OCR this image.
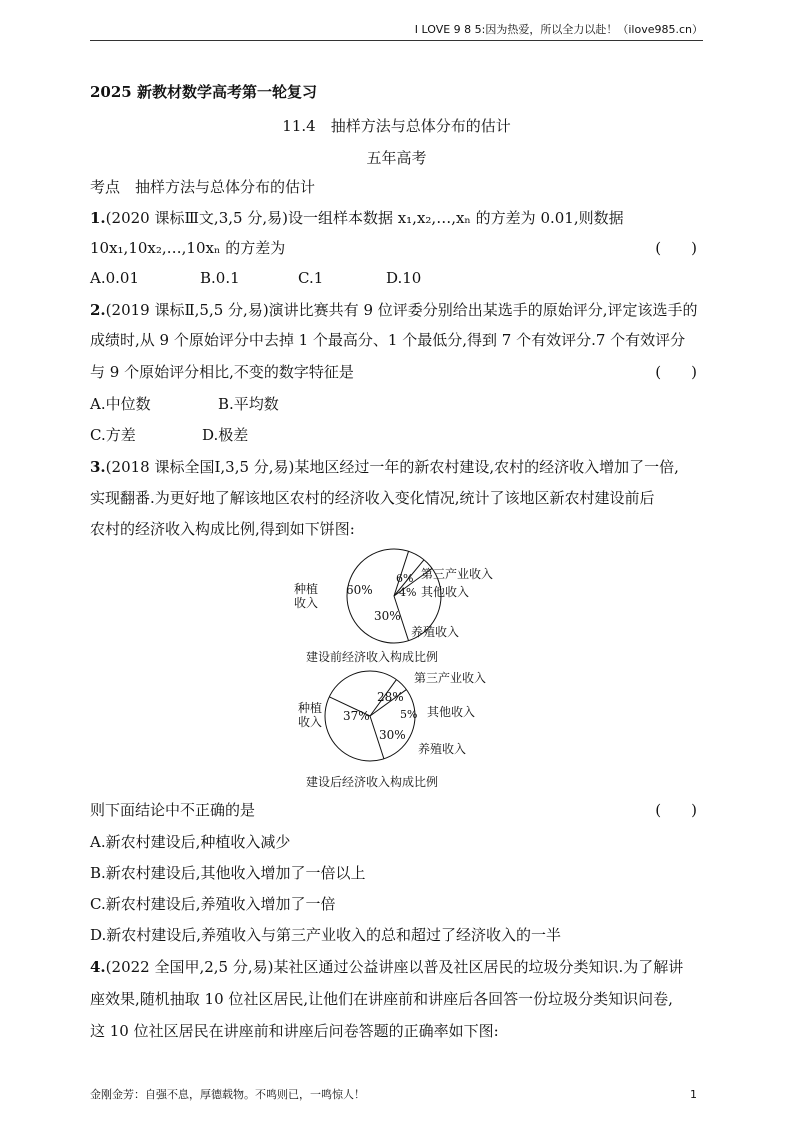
I LOVE 9 8 5:因为热爱，所以全力以赴！（ilove985.cn）
2025 新教材数学高考第一轮复习
11.4　抽样方法与总体分布的估计
五年高考
考点　抽样方法与总体分布的估计
1.(2020 课标Ⅲ文,3,5 分,易)设一组样本数据 x₁,x₂,…,xₙ 的方差为 0.01,则数据
10x₁,10x₂,…,10xₙ 的方差为	(　　)
A.0.01	B.0.1	C.1	D.10
2.(2019 课标Ⅱ,5,5 分,易)演讲比赛共有 9 位评委分别给出某选手的原始评分,评定该选手的
成绩时,从 9 个原始评分中去掉 1 个最高分、1 个最低分,得到 7 个有效评分.7 个有效评分
与 9 个原始评分相比,不变的数字特征是	(　　)
A.中位数	B.平均数
C.方差	D.极差
3.(2018 课标全国Ⅰ,3,5 分,易)某地区经过一年的新农村建设,农村的经济收入增加了一倍,
实现翻番.为更好地了解该地区农村的经济收入变化情况,统计了该地区新农村建设前后
农村的经济收入构成比例,得到如下饼图:
种植
收入
60%
6%
4%
30%
第三产业收入
其他收入
养殖收入
建设前经济收入构成比例
种植
收入 37%
28%
5%
30%
第三产业收入
其他收入
养殖收入
建设后经济收入构成比例
则下面结论中不正确的是	(　　)
A.新农村建设后,种植收入减少
B.新农村建设后,其他收入增加了一倍以上
C.新农村建设后,养殖收入增加了一倍
D.新农村建设后,养殖收入与第三产业收入的总和超过了经济收入的一半
4.(2022 全国甲,2,5 分,易)某社区通过公益讲座以普及社区居民的垃圾分类知识.为了解讲
座效果,随机抽取 10 位社区居民,让他们在讲座前和讲座后各回答一份垃圾分类知识问卷,
这 10 位社区居民在讲座前和讲座后问卷答题的正确率如下图:
金刚金芳：自强不息，厚德载物。不鸣则已，一鸣惊人！	1
